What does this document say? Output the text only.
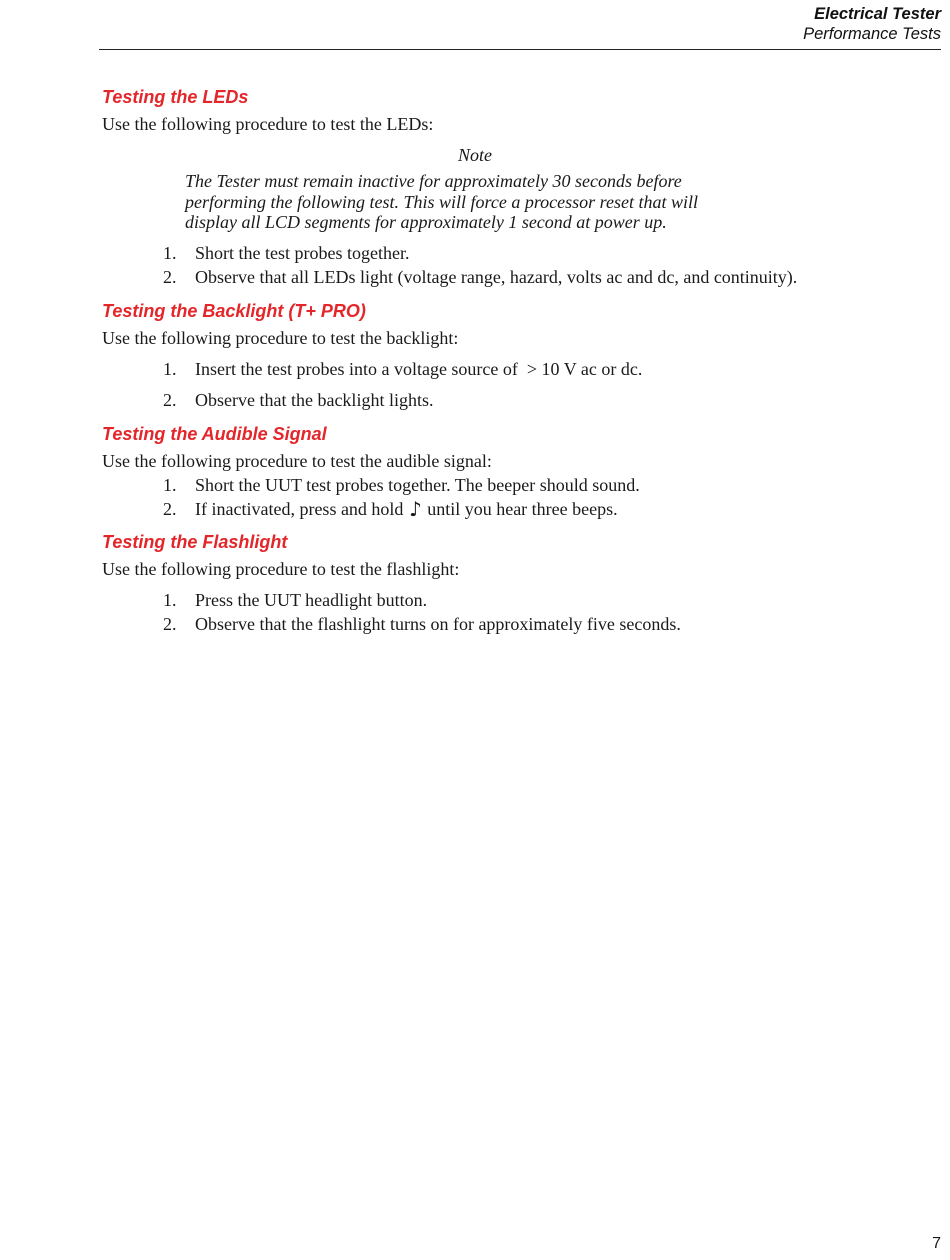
Electrical Tester
Performance Tests
Testing the LEDs

Use the following procedure to test the LEDs:

Note
The Tester must remain inactive for approximately 30 seconds before
performing the following test. This will force a processor reset that will
display all LCD segments for approximately 1 second at power up.
1. Short the test probes together.
2. Observe that all LEDs light (voltage range, hazard, volts ac and dc, and continuity).
Testing the Backlight (T+ PRO)

Use the following procedure to test the backlight:

1. Insert the test probes into a voltage source of  > 10 V ac or dc.
2. Observe that the backlight lights.
Testing the Audible Signal

Use the following procedure to test the audible signal:

1. Short the UUT test probes together. The beeper should sound.
2. If inactivated, press and hold ♪ until you hear three beeps.
Testing the Flashlight

Use the following procedure to test the flashlight:

1. Press the UUT headlight button.
2. Observe that the flashlight turns on for approximately five seconds.
7
